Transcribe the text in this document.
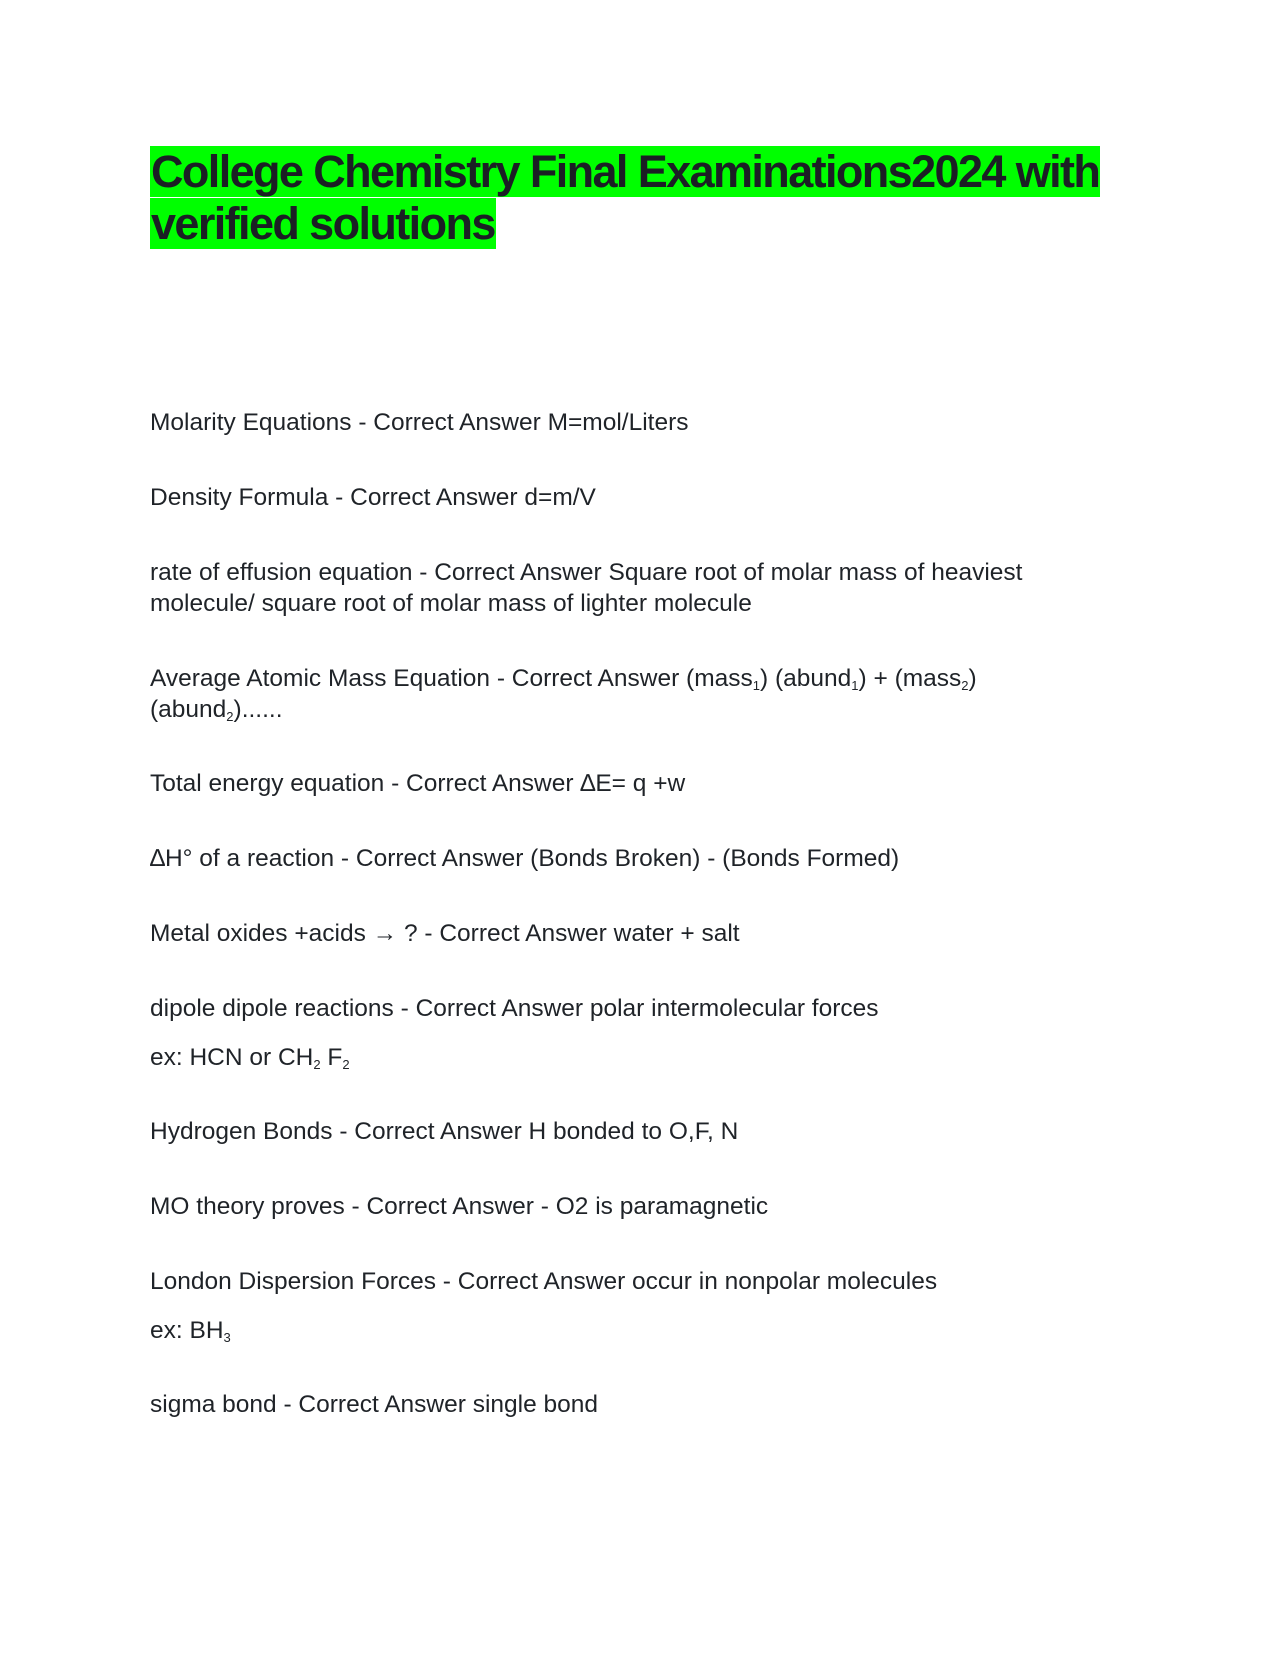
College Chemistry Final Examinations2024 with
verified solutions

Molarity Equations - Correct Answer M=mol/Liters

Density Formula - Correct Answer d=m/V

rate of effusion equation - Correct Answer Square root of molar mass of heaviest
molecule/ square root of molar mass of lighter molecule

Average Atomic Mass Equation - Correct Answer (mass$_1$) (abund$_1$) + (mass$_2$)
(abund$_2$)......

Total energy equation - Correct Answer ∆E= q +w

∆H° of a reaction - Correct Answer (Bonds Broken) - (Bonds Formed)

Metal oxides +acids → ? - Correct Answer water + salt

dipole dipole reactions - Correct Answer polar intermolecular forces

ex: HCN or $CH_2$ $F_2$

Hydrogen Bonds - Correct Answer H bonded to O,F, N

MO theory proves - Correct Answer - O2 is paramagnetic

London Dispersion Forces - Correct Answer occur in nonpolar molecules

ex: $BH_3$

sigma bond - Correct Answer single bond
